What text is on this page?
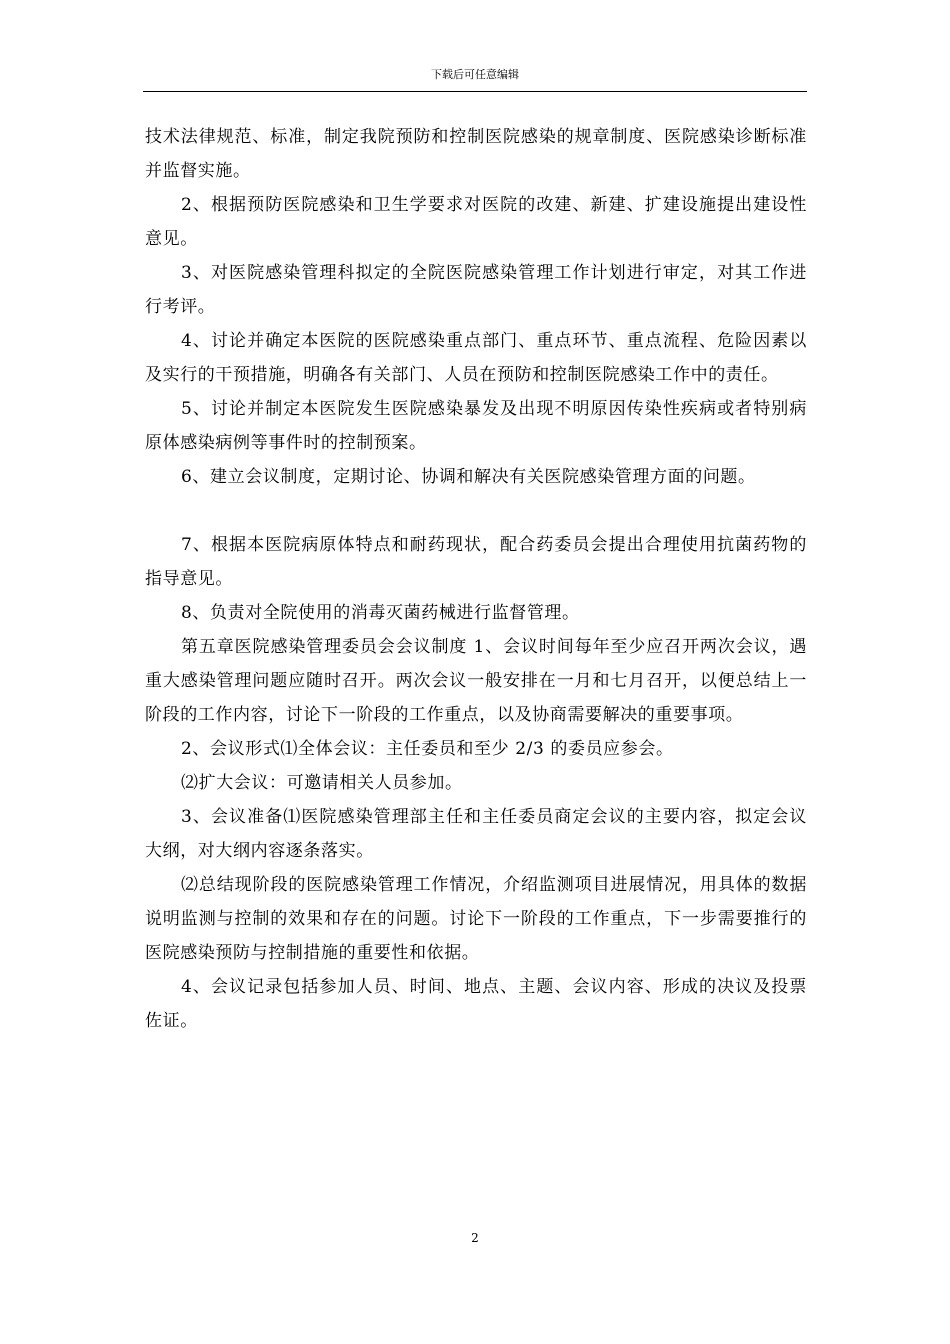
下载后可任意编辑

技术法律规范、标准，制定我院预防和控制医院感染的规章制度、医院感染诊断标准并监督实施。

2、根据预防医院感染和卫生学要求对医院的改建、新建、扩建设施提出建设性意见。

3、对医院感染管理科拟定的全院医院感染管理工作计划进行审定，对其工作进行考评。

4、讨论并确定本医院的医院感染重点部门、重点环节、重点流程、危险因素以及实行的干预措施，明确各有关部门、人员在预防和控制医院感染工作中的责任。

5、讨论并制定本医院发生医院感染暴发及出现不明原因传染性疾病或者特别病原体感染病例等事件时的控制预案。

6、建立会议制度，定期讨论、协调和解决有关医院感染管理方面的问题。

7、根据本医院病原体特点和耐药现状，配合药委员会提出合理使用抗菌药物的指导意见。

8、负责对全院使用的消毒灭菌药械进行监督管理。

第五章医院感染管理委员会会议制度 1、会议时间每年至少应召开两次会议，遇重大感染管理问题应随时召开。两次会议一般安排在一月和七月召开，以便总结上一阶段的工作内容，讨论下一阶段的工作重点，以及协商需要解决的重要事项。

2、会议形式⑴全体会议：主任委员和至少 2/3 的委员应参会。

⑵扩大会议：可邀请相关人员参加。

3、会议准备⑴医院感染管理部主任和主任委员商定会议的主要内容，拟定会议大纲，对大纲内容逐条落实。

⑵总结现阶段的医院感染管理工作情况，介绍监测项目进展情况，用具体的数据说明监测与控制的效果和存在的问题。讨论下一阶段的工作重点，下一步需要推行的医院感染预防与控制措施的重要性和依据。

4、会议记录包括参加人员、时间、地点、主题、会议内容、形成的决议及投票佐证。

2
